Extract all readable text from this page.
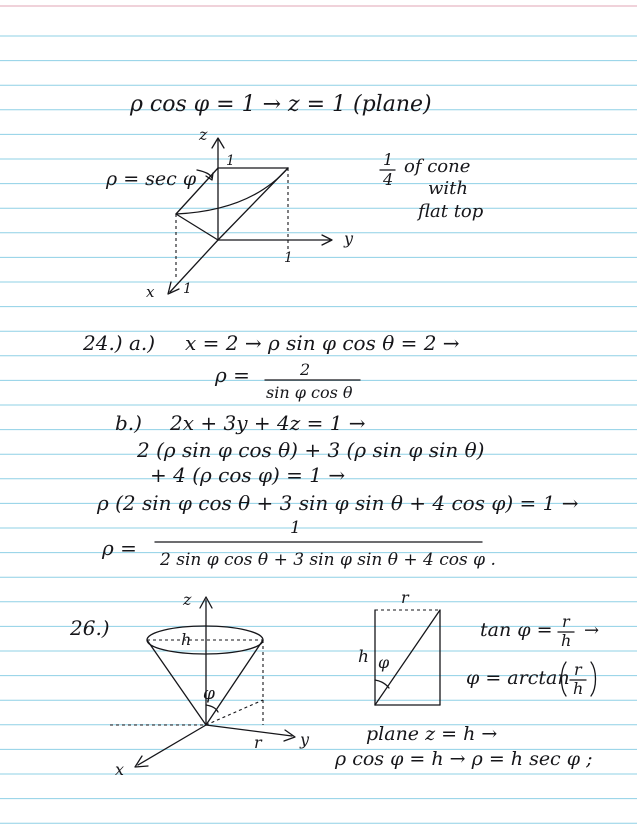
ρ cos φ = 1 → z = 1 (plane)
z
y
x
1
1
1
ρ = sec φ
1
4
of cone
with
flat top
24.) a.) x = 2 → ρ sin φ cos θ = 2 →
ρ =	2
sin φ cos θ
b.) 2x + 3y + 4z = 1 →
2 (ρ sin φ cos θ) + 3 (ρ sin φ sin θ)
+ 4 (ρ cos φ) = 1 →
ρ (2 sin φ cos θ + 3 sin φ sin θ + 4 cos φ) = 1 →
ρ =
1
2 sin φ cos θ + 3 sin φ sin θ + 4 cos φ .
26.)
z
y
x
h
φ
r
r
h φ
tan φ = r
h →
φ = arctan r
h
plane z = h →
ρ cos φ = h → ρ = h sec φ ;
